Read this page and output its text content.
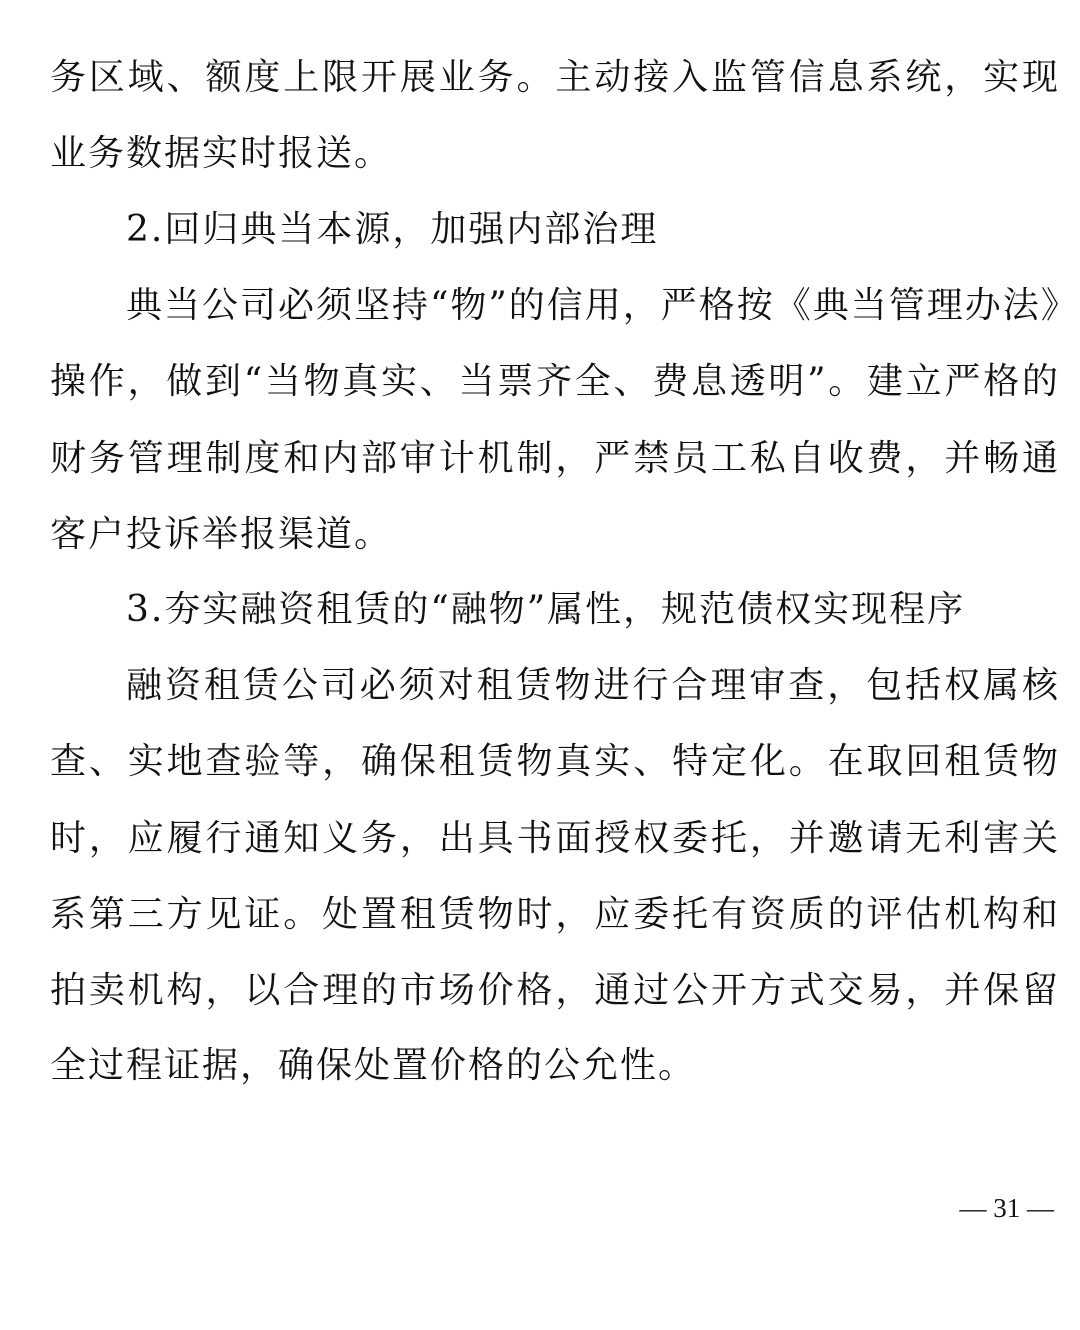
务区域、额度上限开展业务。主动接入监管信息系统，实现
业务数据实时报送。
2.回归典当本源，加强内部治理
典当公司必须坚持“物”的信用，严格按《典当管理办法》
操作，做到“当物真实、当票齐全、费息透明”。建立严格的
财务管理制度和内部审计机制，严禁员工私自收费，并畅通
客户投诉举报渠道。
3.夯实融资租赁的“融物”属性，规范债权实现程序
融资租赁公司必须对租赁物进行合理审查，包括权属核
查、实地查验等，确保租赁物真实、特定化。在取回租赁物
时，应履行通知义务，出具书面授权委托，并邀请无利害关
系第三方见证。处置租赁物时，应委托有资质的评估机构和
拍卖机构，以合理的市场价格，通过公开方式交易，并保留
全过程证据，确保处置价格的公允性。
— 31 —
